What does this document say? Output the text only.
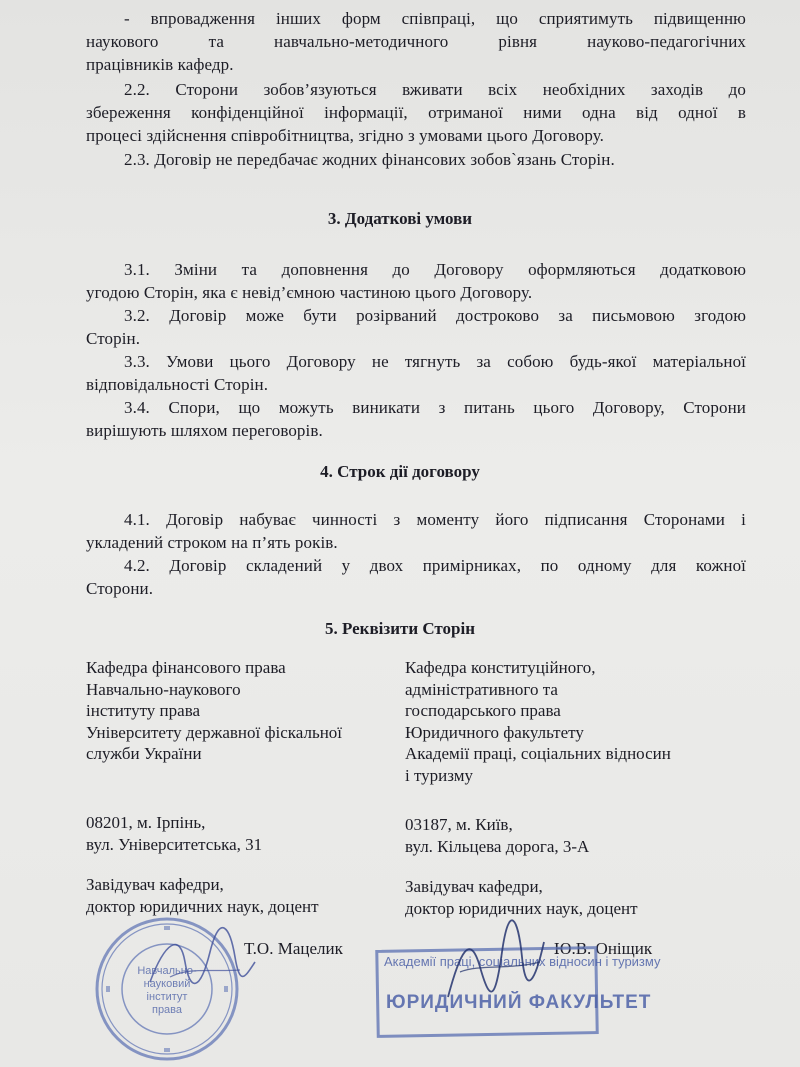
- впровадження інших форм співпраці, що сприятимуть підвищенню
наукового та навчально-методичного рівня науково-педагогічних
працівників кафедр.
2.2. Сторони зобов’язуються вживати всіх необхідних заходів до
збереження конфіденційної інформації, отриманої ними одна від одної в
процесі здійснення співробітництва, згідно з умовами цього Договору.
2.3. Договір не передбачає жодних фінансових зобов`язань Сторін.
3. Додаткові умови
3.1. Зміни та доповнення до Договору оформляються додатковою
угодою Сторін, яка є невід’ємною частиною цього Договору.
3.2. Договір може бути розірваний достроково за письмовою згодою
Сторін.
3.3. Умови цього Договору не тягнуть за собою будь-якої матеріальної
відповідальності Сторін.
3.4. Спори, що можуть виникати з питань цього Договору, Сторони
вирішують шляхом переговорів.
4. Строк дії договору
4.1. Договір набуває чинності з моменту його підписання Сторонами і
укладений строком на п’ять років.
4.2. Договір складений у двох примірниках, по одному для кожної
Сторони.
5. Реквізити Сторін
Кафедра фінансового права
Навчально-наукового
інституту права
Університету державної фіскальної
служби України
Кафедра конституційного,
адміністративного та
господарського права
Юридичного факультету
Академії праці, соціальних відносин
і туризму
08201, м. Ірпінь,
вул. Університетська, 31
03187, м. Київ,
вул. Кільцева дорога, 3-А
Завідувач кафедри,
доктор юридичних наук, доцент
Завідувач кафедри,
доктор юридичних наук, доцент
Навчально-
науковий
інститут
права
Т.О. Мацелик	Ю.В. Оніщик
Академії праці, соціальних відносин і туризму
ЮРИДИЧНИЙ ФАКУЛЬТЕТ
